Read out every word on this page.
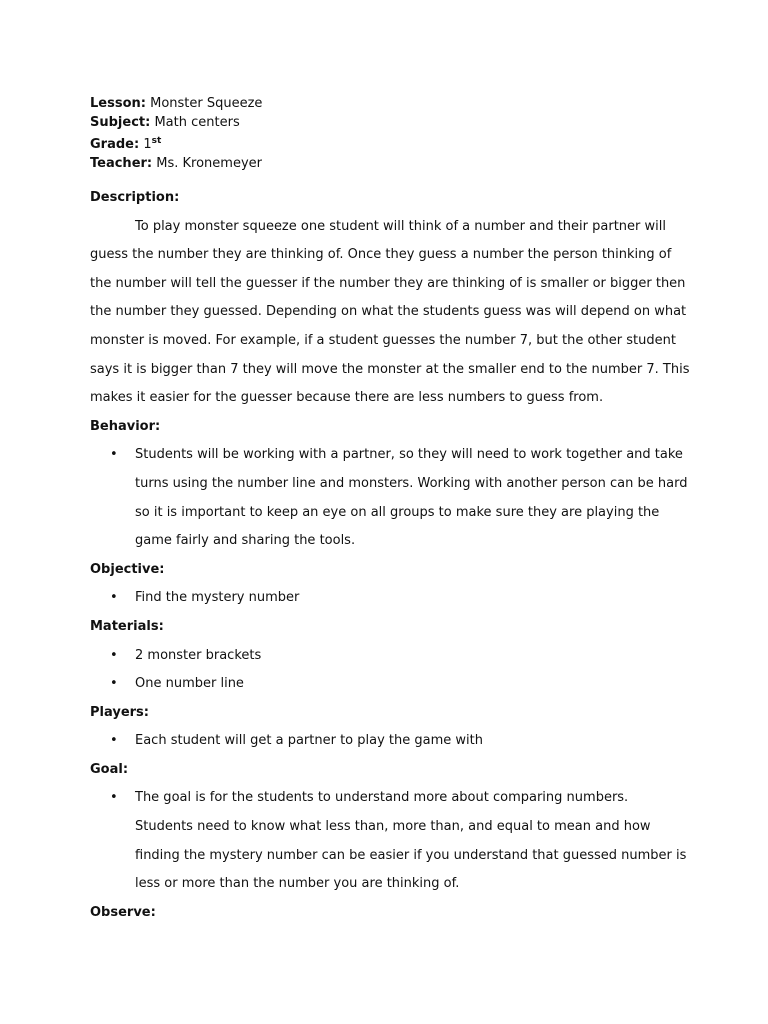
Lesson: Monster Squeeze
Subject: Math centers
Grade: 1st
Teacher: Ms. Kronemeyer
Description:

To play monster squeeze one student will think of a number and their partner will guess the number they are thinking of. Once they guess a number the person thinking of the number will tell the guesser if the number they are thinking of is smaller or bigger then the number they guessed. Depending on what the students guess was will depend on what monster is moved. For example, if a student guesses the number 7, but the other student says it is bigger than 7 they will move the monster at the smaller end to the number 7. This makes it easier for the guesser because there are less numbers to guess from.

Behavior:
• Students will be working with a partner, so they will need to work together and take turns using the number line and monsters. Working with another person can be hard so it is important to keep an eye on all groups to make sure they are playing the game fairly and sharing the tools.
Objective:
• Find the mystery number
Materials:
• 2 monster brackets
• One number line
Players:
• Each student will get a partner to play the game with
Goal:
• The goal is for the students to understand more about comparing numbers. Students need to know what less than, more than, and equal to mean and how finding the mystery number can be easier if you understand that guessed number is less or more than the number you are thinking of.
Observe:
